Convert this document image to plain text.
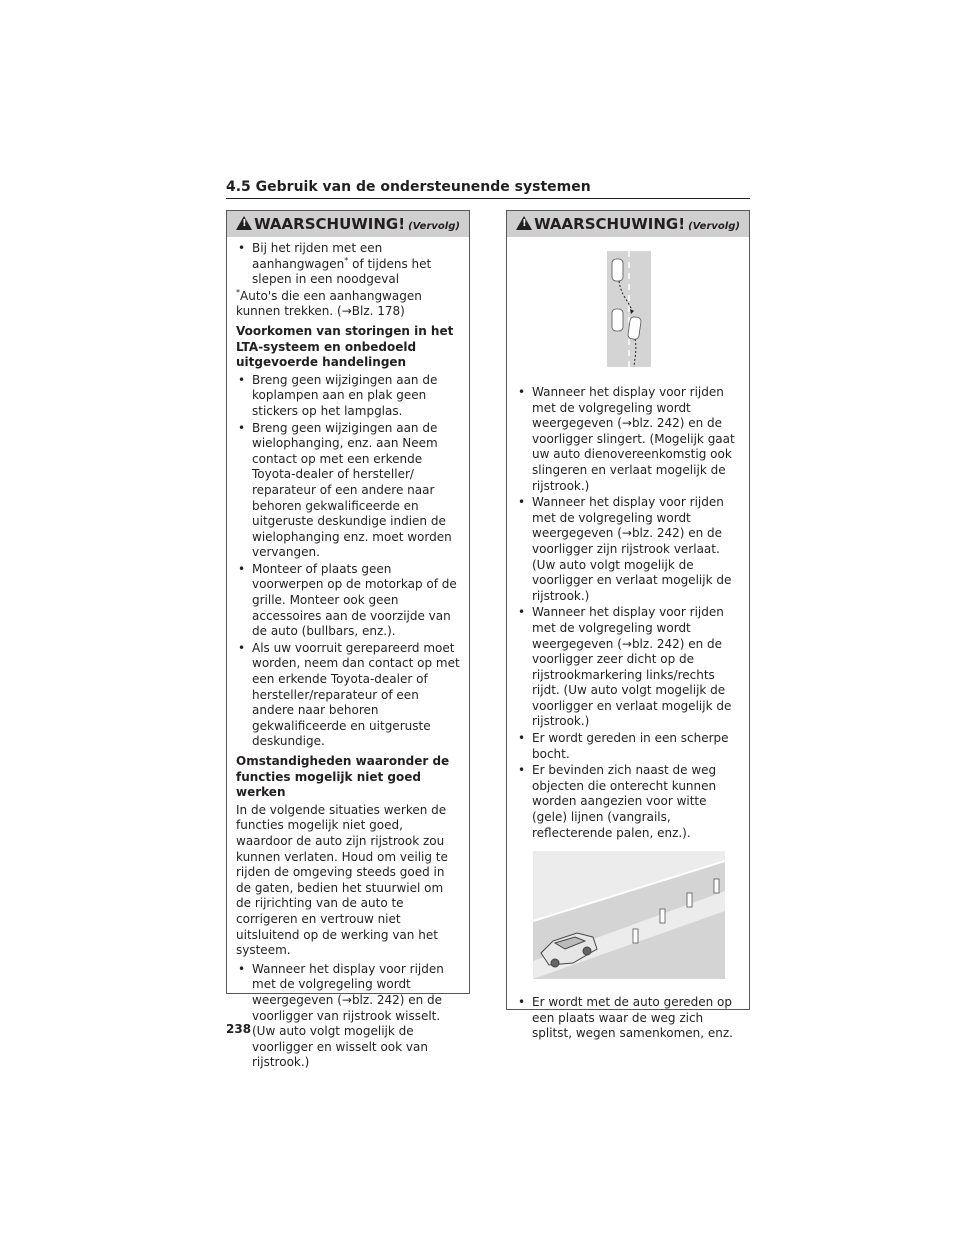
4.5 Gebruik van de ondersteunende systemen
!WAARSCHUWING! (Vervolg)
• Bij het rijden met een aanhangwagen* of tijdens het slepen in een noodgeval

*Auto's die een aanhangwagen kunnen trekken. (→Blz. 178)

Voorkomen van storingen in het LTA-systeem en onbedoeld uitgevoerde handelingen
• Breng geen wijzigingen aan de koplampen aan en plak geen stickers op het lampglas.
• Breng geen wijzigingen aan de wielophanging, enz. aan Neem contact op met een erkende Toyota-dealer of hersteller/ reparateur of een andere naar behoren gekwalificeerde en uitgeruste deskundige indien de wielophanging enz. moet worden vervangen.
• Monteer of plaats geen voorwerpen op de motorkap of de grille. Monteer ook geen accessoires aan de voorzijde van de auto (bullbars, enz.).
• Als uw voorruit gerepareerd moet worden, neem dan contact op met een erkende Toyota-dealer of hersteller/reparateur of een andere naar behoren gekwalificeerde en uitgeruste deskundige.
Omstandigheden waaronder de functies mogelijk niet goed werken

In de volgende situaties werken de functies mogelijk niet goed, waardoor de auto zijn rijstrook zou kunnen verlaten. Houd om veilig te rijden de omgeving steeds goed in de gaten, bedien het stuurwiel om de rijrichting van de auto te corrigeren en vertrouw niet uitsluitend op de werking van het systeem.

• Wanneer het display voor rijden met de volgregeling wordt weergegeven (→blz. 242) en de voorligger van rijstrook wisselt. (Uw auto volgt mogelijk de voorligger en wisselt ook van rijstrook.)
!WAARSCHUWING! (Vervolg)
• Wanneer het display voor rijden met de volgregeling wordt weergegeven (→blz. 242) en de voorligger slingert. (Mogelijk gaat uw auto dienovereenkomstig ook slingeren en verlaat mogelijk de rijstrook.)
• Wanneer het display voor rijden met de volgregeling wordt weergegeven (→blz. 242) en de voorligger zijn rijstrook verlaat. (Uw auto volgt mogelijk de voorligger en verlaat mogelijk de rijstrook.)
• Wanneer het display voor rijden met de volgregeling wordt weergegeven (→blz. 242) en de voorligger zeer dicht op de rijstrookmarkering links/rechts rijdt. (Uw auto volgt mogelijk de voorligger en verlaat mogelijk de rijstrook.)
• Er wordt gereden in een scherpe bocht.
• Er bevinden zich naast de weg objecten die onterecht kunnen worden aangezien voor witte (gele) lijnen (vangrails, reflecterende palen, enz.).
• Er wordt met de auto gereden op een plaats waar de weg zich splitst, wegen samenkomen, enz.
238
